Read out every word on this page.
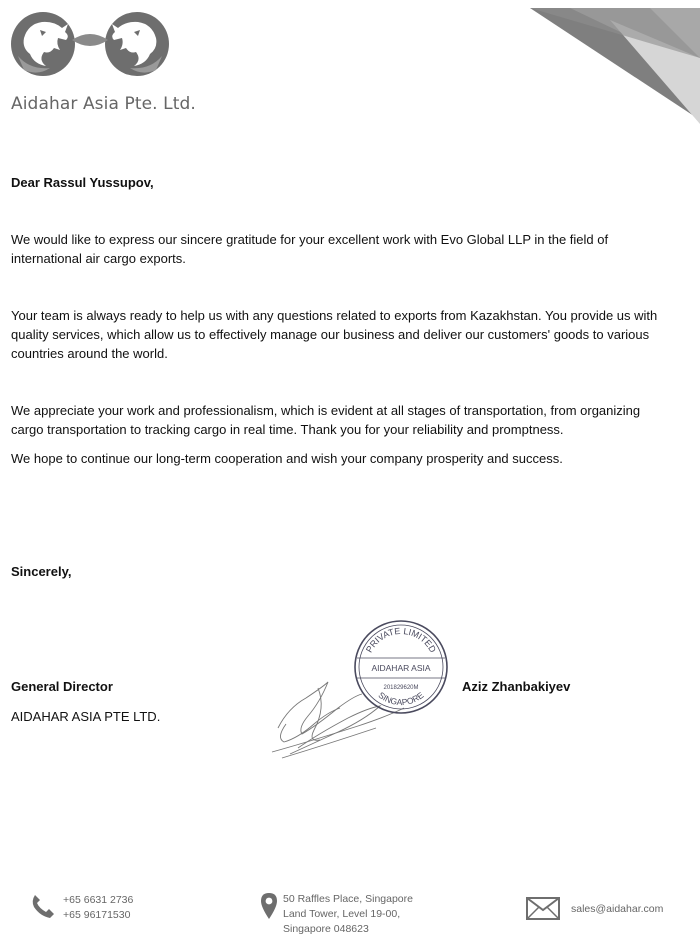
Aidahar Asia Pte. Ltd.
Dear Rassul Yussupov,

We would like to express our sincere gratitude for your excellent work with Evo Global LLP in the field of international air cargo exports.

Your team is always ready to help us with any questions related to exports from Kazakhstan. You provide us with quality services, which allow us to effectively manage our business and deliver our customers' goods to various countries around the world.

We appreciate your work and professionalism, which is evident at all stages of transportation, from organizing cargo transportation to tracking cargo in real time. Thank you for your reliability and promptness.

We hope to continue our long-term cooperation and wish your company prosperity and success.

Sincerely,
General Director
AIDAHAR ASIA PTE LTD.
Aziz Zhanbakiyev
PRIVATE LIMITED
AIDAHAR ASIA
201829620M
SINGAPORE
+65 6631 2736
+65 96171530
50 Raffles Place, Singapore
Land Tower, Level 19-00,
Singapore 048623
sales@aidahar.com
